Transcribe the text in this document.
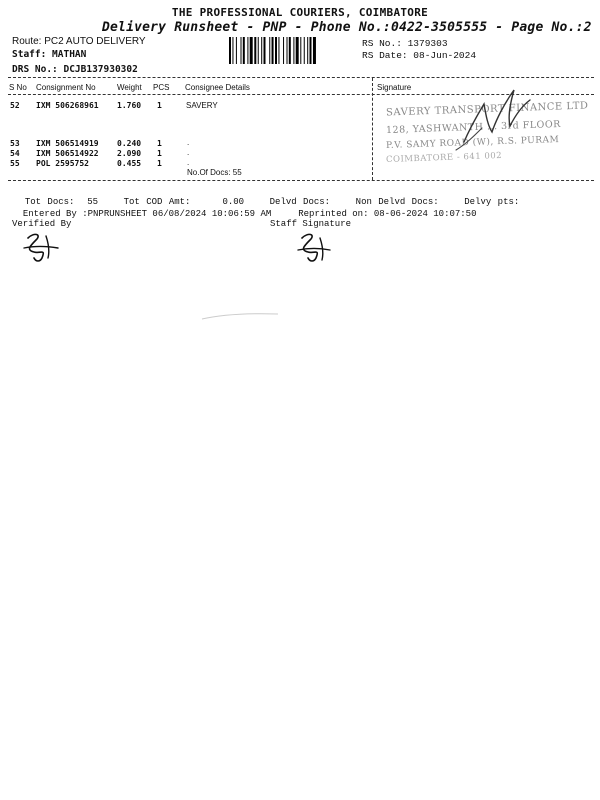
THE PROFESSIONAL COURIERS, COIMBATORE
Delivery Runsheet - PNP - Phone No.:0422-3505555 - Page No.:2
Route: PC2 AUTO DELIVERY
Staff: MATHAN
DRS No.: DCJB137930302
RS No.: 1379303
RS Date: 08-Jun-2024
S No Consignment No	Weight PCS Consignee Details	Signature
52 IXM 506268961 1.760 1	SAVERY
53 IXM 506514919 0.240 1	.
54 IXM 506514922 2.090 1	.
55 POL 2595752	0.455 1	.
No.Of Docs: 55
SAVERY TRANSPORT FINANCE LTD
128, YASHWANTH ... 3rd FLOOR
P.V. SAMY ROAD (W), R.S. PURAM
COIMBATORE - 641 002

Tot Docs:  55    Tot COD Amt:     0.00    Delvd Docs:    Non Delvd Docs:    Delvy pts:

Entered By :PNPRUNSHEET 06/08/2024 10:06:59 AM     Reprinted on: 08-06-2024 10:07:50

Verified By	Staff Signature
